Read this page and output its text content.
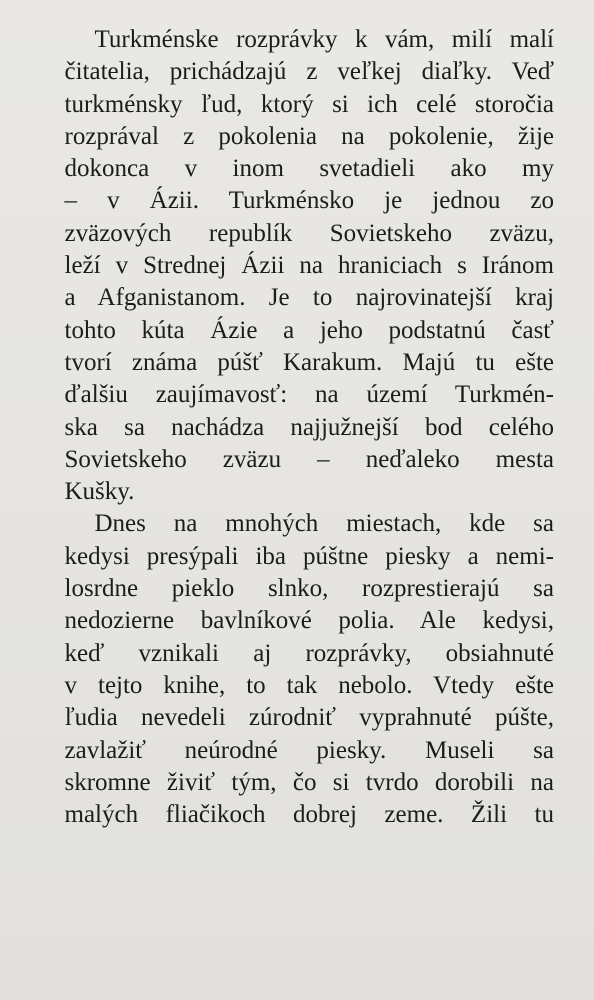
Turkménske rozprávky k vám, milí malí
čitatelia, prichádzajú z veľkej diaľky. Veď
turkménsky ľud, ktorý si ich celé storočia
rozprával z pokolenia na pokolenie, žije
dokonca v inom svetadieli ako my
– v Ázii. Turkménsko je jednou zo
zväzových republík Sovietskeho zväzu,
leží v Strednej Ázii na hraniciach s Iránom
a Afganistanom. Je to najrovinatejší kraj
tohto kúta Ázie a jeho podstatnú časť
tvorí známa púšť Karakum. Majú tu ešte
ďalšiu zaujímavosť: na území Turkmén-
ska sa nachádza najjužnejší bod celého
Sovietskeho zväzu – neďaleko mesta
Kušky.

Dnes na mnohých miestach, kde sa
kedysi presýpali iba púštne piesky a nemi-
losrdne pieklo slnko, rozprestierajú sa
nedozierne bavlníkové polia. Ale kedysi,
keď vznikali aj rozprávky, obsiahnuté
v tejto knihe, to tak nebolo. Vtedy ešte
ľudia nevedeli zúrodniť vyprahnuté púšte,
zavlažiť neúrodné piesky. Museli sa
skromne živiť tým, čo si tvrdo dorobili na
malých fliačikoch dobrej zeme. Žili tu
